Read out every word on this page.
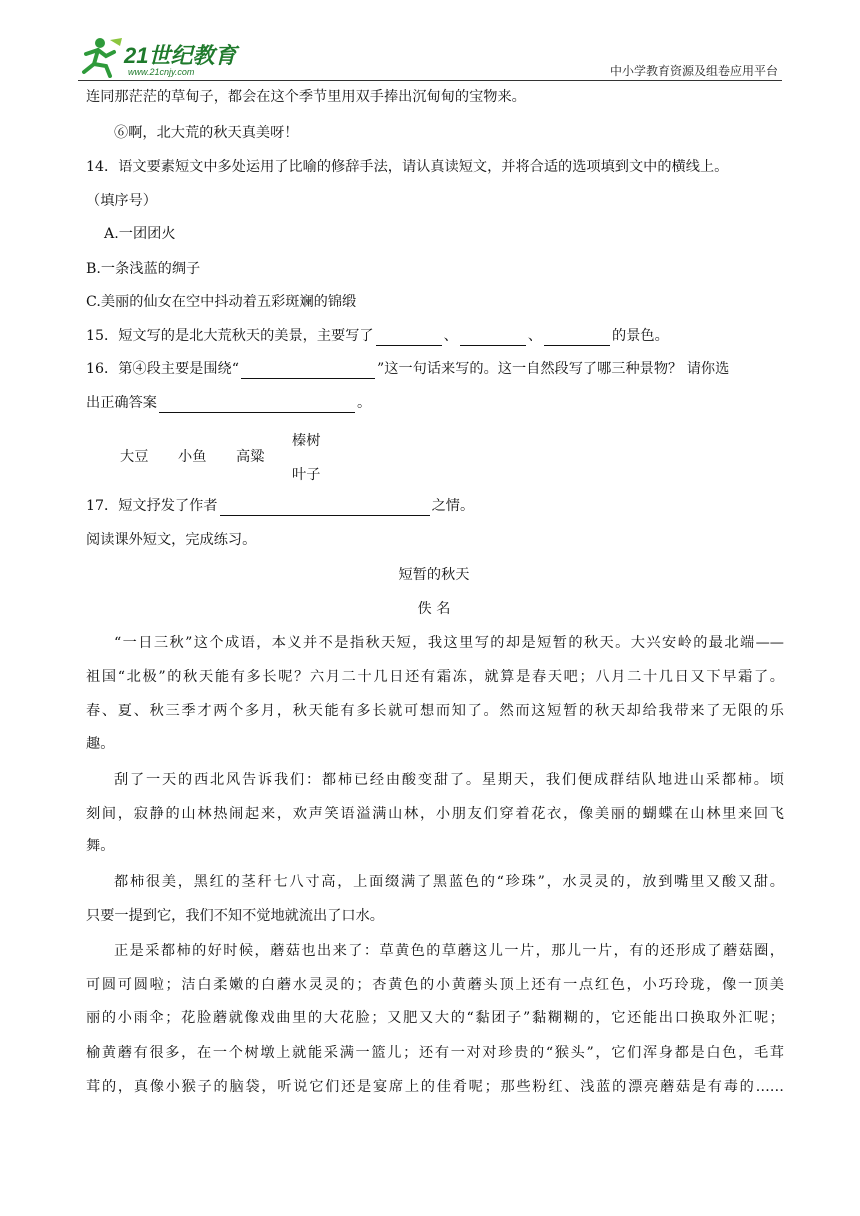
21世纪教育
www.21cnjy.com	中小学教育资源及组卷应用平台
连同那茫茫的草甸子，都会在这个季节里用双手捧出沉甸甸的宝物来。
⑥啊，北大荒的秋天真美呀！
14．语文要素短文中多处运用了比喻的修辞手法，请认真读短文，并将合适的选项填到文中的横线上。
（填序号）
A.一团团火
B.一条浅蓝的绸子
C.美丽的仙女在空中抖动着五彩斑斓的锦缎
15．短文写的是北大荒秋天的美景，主要写了	、	、	的景色。
16．第④段主要是围绕“	”这一句话来写的。这一自然段写了哪三种景物？ 请你选
出正确答案	。
大豆 小鱼 高粱
榛树
叶子
17．短文抒发了作者	之情。
阅读课外短文，完成练习。
短暂的秋天
佚 名
“一日三秋”这个成语，本义并不是指秋天短，我这里写的却是短暂的秋天。大兴安岭的最北端——
祖国“北极”的秋天能有多长呢？六月二十几日还有霜冻，就算是春天吧；八月二十几日又下早霜了。
春、夏、秋三季才两个多月，秋天能有多长就可想而知了。然而这短暂的秋天却给我带来了无限的乐
趣。
刮了一天的西北风告诉我们：都柿已经由酸变甜了。星期天，我们便成群结队地进山采都柿。顷
刻间，寂静的山林热闹起来，欢声笑语溢满山林，小朋友们穿着花衣，像美丽的蝴蝶在山林里来回飞
舞。
都柿很美，黑红的茎秆七八寸高，上面缀满了黑蓝色的“珍珠”，水灵灵的，放到嘴里又酸又甜。
只要一提到它，我们不知不觉地就流出了口水。
正是采都柿的好时候，蘑菇也出来了：草黄色的草蘑这儿一片，那儿一片，有的还形成了蘑菇圈，
可圆可圆啦；洁白柔嫩的白蘑水灵灵的；杏黄色的小黄蘑头顶上还有一点红色，小巧玲珑，像一顶美
丽的小雨伞；花脸蘑就像戏曲里的大花脸；又肥又大的“黏团子”黏糊糊的，它还能出口换取外汇呢；
榆黄蘑有很多，在一个树墩上就能采满一篮儿；还有一对对珍贵的“猴头”，它们浑身都是白色，毛茸
茸的，真像小猴子的脑袋，听说它们还是宴席上的佳肴呢；那些粉红、浅蓝的漂亮蘑菇是有毒的……
